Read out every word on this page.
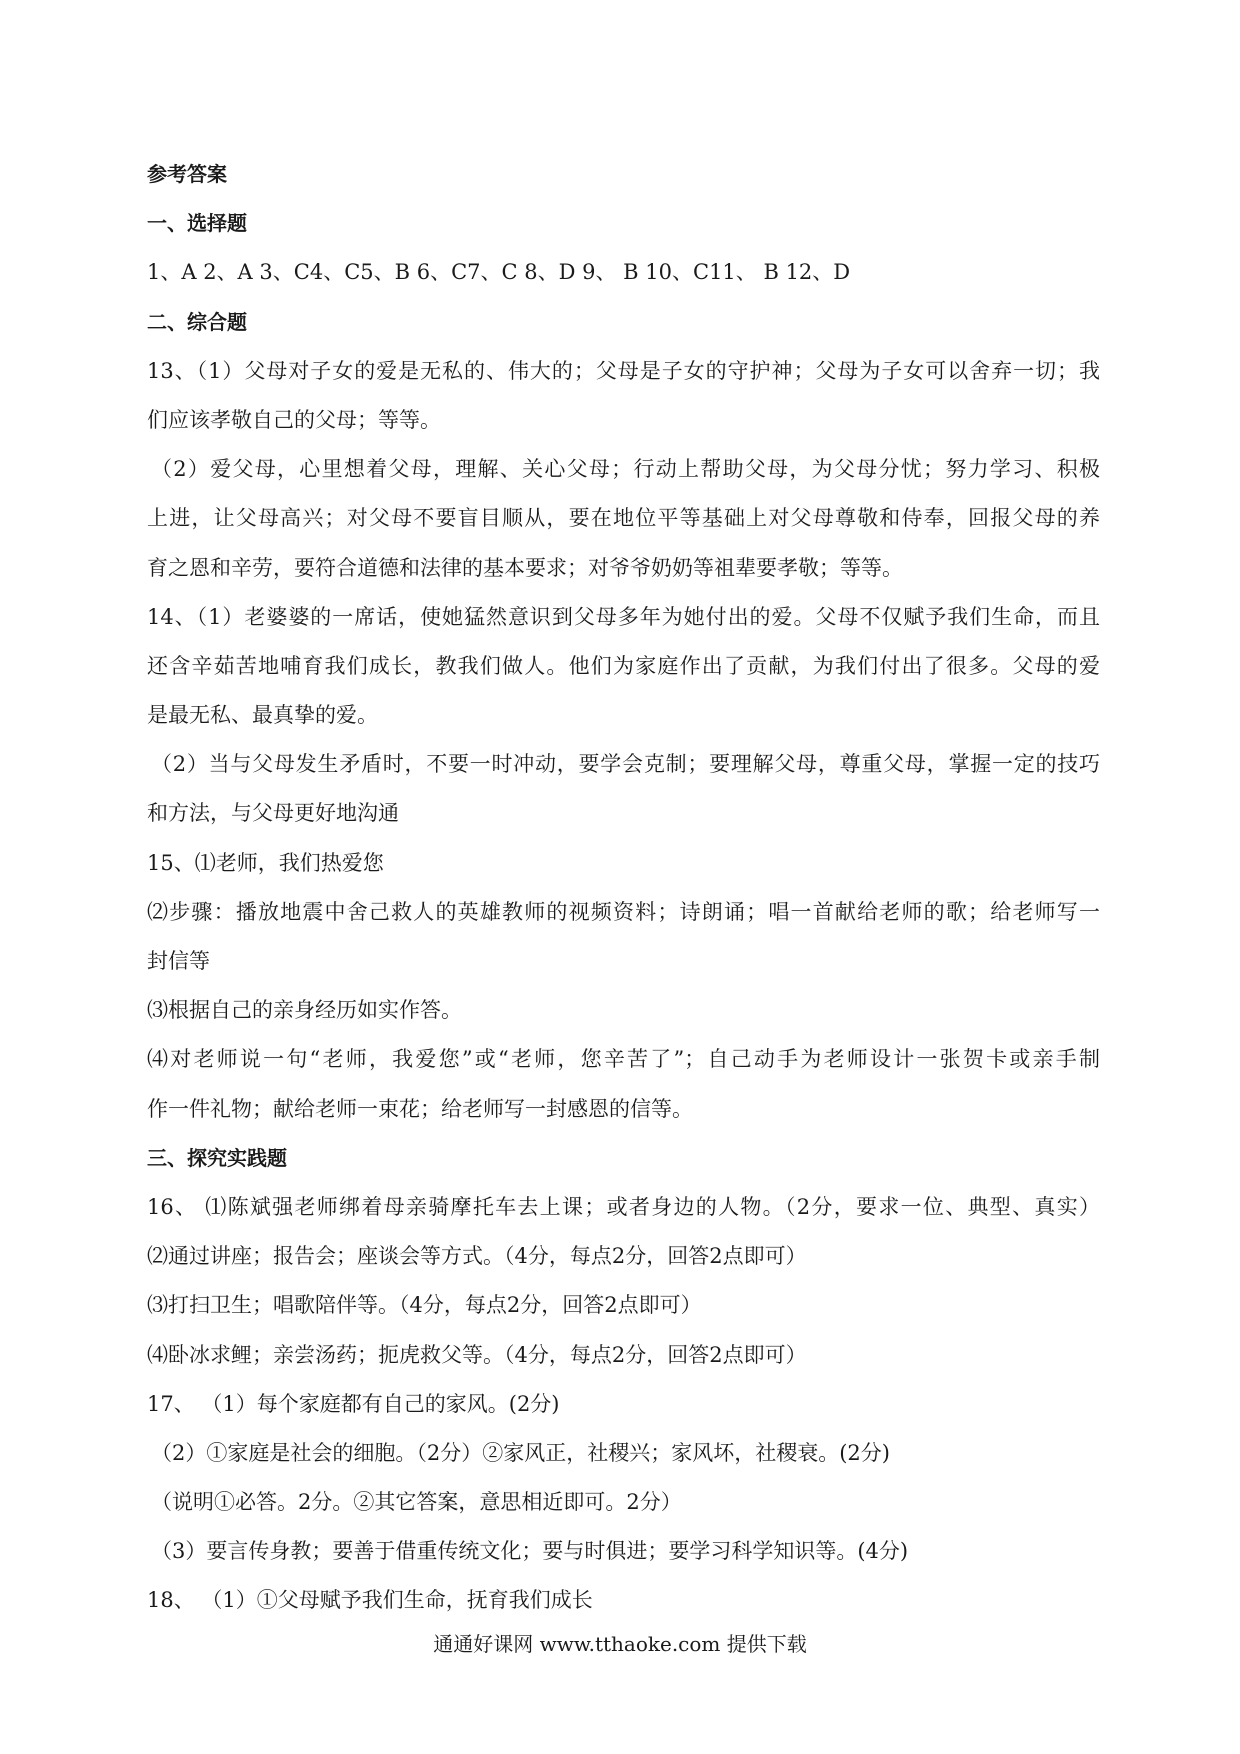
参考答案
一、选择题
1、A 2、A 3、C4、C5、B 6、C7、C 8、D 9、 B 10、C11、 B 12、D
二、综合题
13、（1）父母对子女的爱是无私的、伟大的；父母是子女的守护神；父母为子女可以舍弃一切；我
们应该孝敬自己的父母；等等。
（2）爱父母，心里想着父母，理解、关心父母；行动上帮助父母，为父母分忧；努力学习、积极
上进，让父母高兴；对父母不要盲目顺从，要在地位平等基础上对父母尊敬和侍奉，回报父母的养
育之恩和辛劳，要符合道德和法律的基本要求；对爷爷奶奶等祖辈要孝敬；等等。
14、（1）老婆婆的一席话，使她猛然意识到父母多年为她付出的爱。父母不仅赋予我们生命，而且
还含辛茹苦地哺育我们成长，教我们做人。他们为家庭作出了贡献，为我们付出了很多。父母的爱
是最无私、最真挚的爱。
（2）当与父母发生矛盾时，不要一时冲动，要学会克制；要理解父母，尊重父母，掌握一定的技巧
和方法，与父母更好地沟通
15、⑴老师，我们热爱您
⑵步骤：播放地震中舍己救人的英雄教师的视频资料；诗朗诵；唱一首献给老师的歌；给老师写一
封信等
⑶根据自己的亲身经历如实作答。
⑷对老师说一句“老师，我爱您”或“老师，您辛苦了”；自己动手为老师设计一张贺卡或亲手制
作一件礼物；献给老师一束花；给老师写一封感恩的信等。
三、探究实践题
16、 ⑴陈斌强老师绑着母亲骑摩托车去上课；或者身边的人物。（2分，要求一位、典型、真实）
⑵通过讲座；报告会；座谈会等方式。（4分，每点2分，回答2点即可）
⑶打扫卫生；唱歌陪伴等。（4分，每点2分，回答2点即可）
⑷卧冰求鲤；亲尝汤药；扼虎救父等。（4分，每点2分，回答2点即可）
17、 （1）每个家庭都有自己的家风。(2分)
（2）①家庭是社会的细胞。（2分）②家风正，社稷兴；家风坏，社稷衰。(2分)
（说明①必答。2分。②其它答案，意思相近即可。2分）
（3）要言传身教；要善于借重传统文化；要与时俱进；要学习科学知识等。(4分)
18、 （1）①父母赋予我们生命，抚育我们成长
通通好课网 www.tthaoke.com 提供下载
